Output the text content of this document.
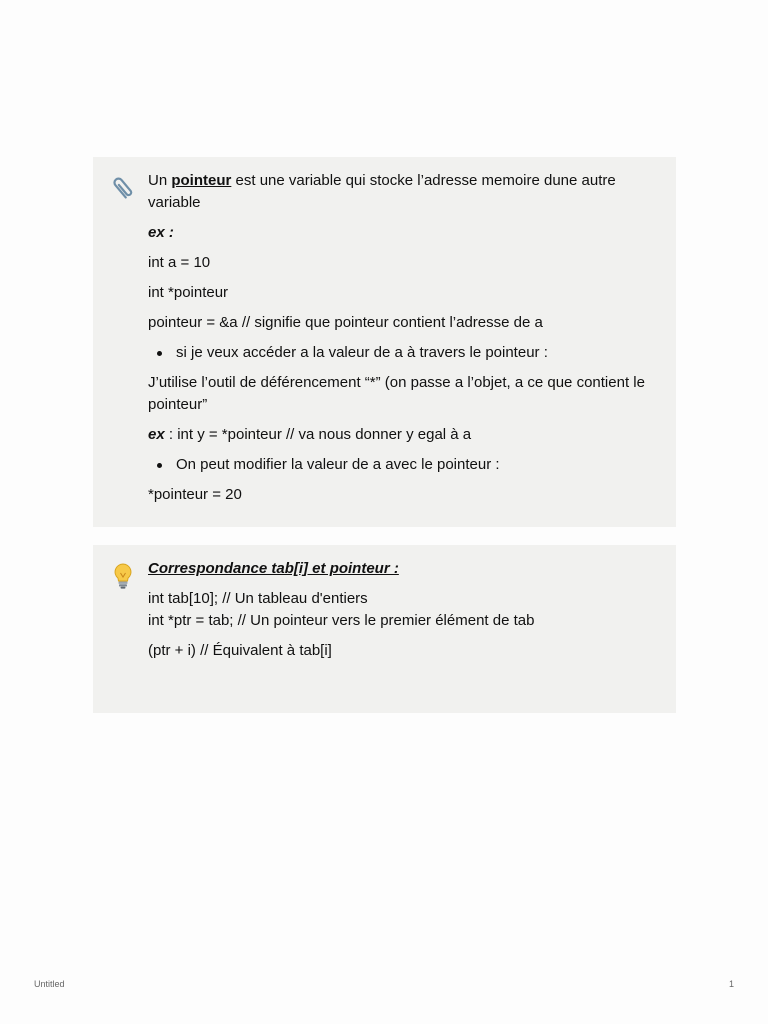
Un pointeur est une variable qui stocke l’adresse memoire dune autre variable

ex :

int a = 10

int *pointeur

pointeur = &a // signifie que pointeur contient l’adresse de a

si je veux accéder a la valeur de a à travers le pointeur :

J’utilise l’outil de déférencement “*” (on passe a l’objet, a ce que contient le pointeur”

ex : int y = *pointeur // va nous donner y egal à a

On peut modifier la valeur de a avec le pointeur :

*pointeur = 20

Correspondance tab[i] et pointeur :

int tab[10]; // Un tableau d'entiers

int *ptr = tab; // Un pointeur vers le premier élément de tab

(ptr + i) // Équivalent à tab[i]

Untitled	1
